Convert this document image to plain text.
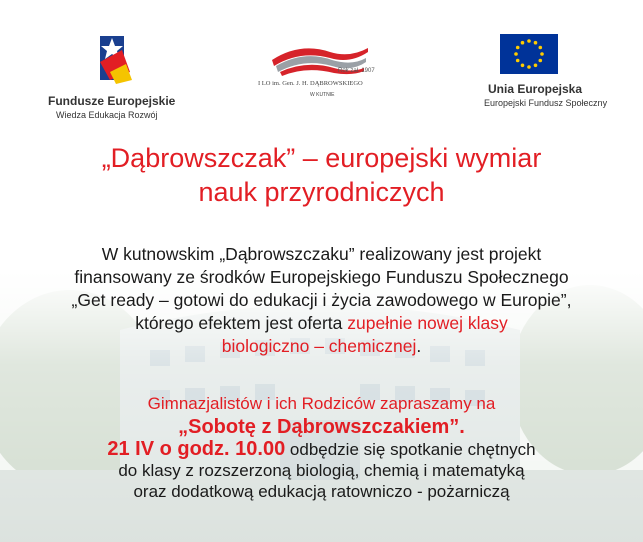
Fundusze Europejskie
Wiedza Edukacja Rozwój
Rok zał. 1907
I LO im. Gen. J. H. DĄBROWSKIEGO
W KUTNIE	Unia Europejska
Europejski Fundusz Społeczny
„Dąbrowszczak” – europejski wymiar
nauk przyrodniczych
W kutnowskim „Dąbrowszczaku” realizowany jest projekt
finansowany ze środków Europejskiego Funduszu Społecznego
„Get ready – gotowi do edukacji i życia zawodowego w Europie”,
którego efektem jest oferta zupełnie nowej klasy
biologiczno – chemicznej.
Gimnazjalistów i ich Rodziców zapraszamy na
„Sobotę z Dąbrowszczakiem”.
21 IV o godz. 10.00 odbędzie się spotkanie chętnych
do klasy z rozszerzoną biologią, chemią i matematyką
oraz dodatkową edukacją ratowniczo - pożarniczą
